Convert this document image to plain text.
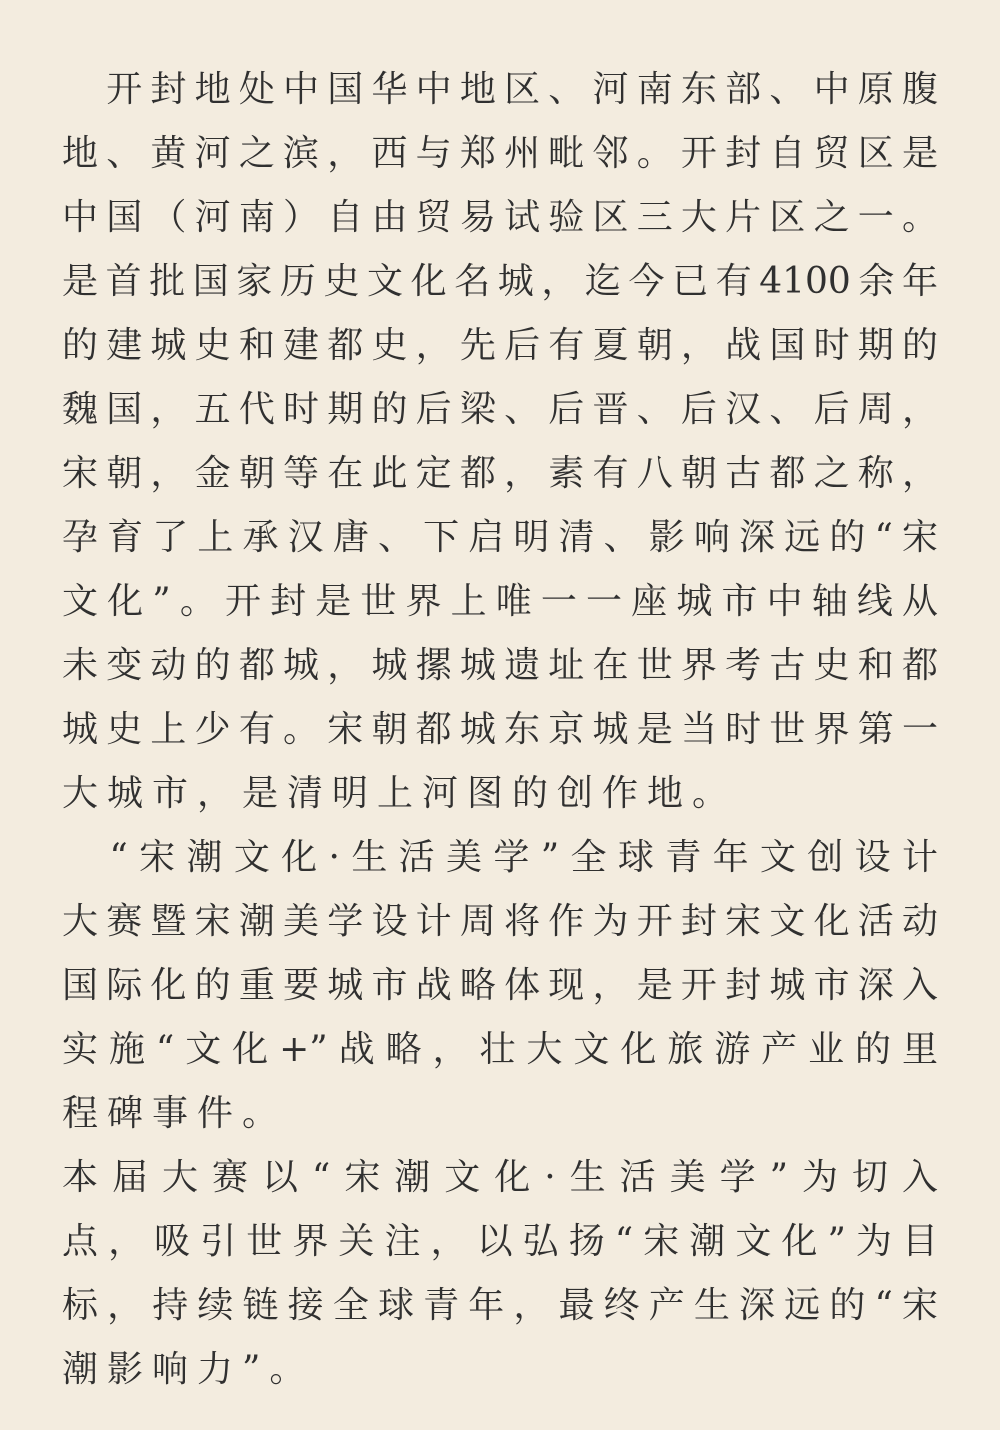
　开封地处中国华中地区、河南东部、中原腹
地、黄河之滨，西与郑州毗邻。开封自贸区是
中国（河南）自由贸易试验区三大片区之一。
是首批国家历史文化名城，迄今已有4100余年
的建城史和建都史，先后有夏朝，战国时期的
魏国，五代时期的后梁、后晋、后汉、后周，
宋朝，金朝等在此定都，素有八朝古都之称，
孕育了上承汉唐、下启明清、影响深远的“宋
文化”。开封是世界上唯一一座城市中轴线从
未变动的都城，城摞城遗址在世界考古史和都
城史上少有。宋朝都城东京城是当时世界第一
大城市，是清明上河图的创作地。
　“宋潮文化·生活美学”全球青年文创设计
大赛暨宋潮美学设计周将作为开封宋文化活动
国际化的重要城市战略体现，是开封城市深入
实施“文化+”战略，壮大文化旅游产业的里
程碑事件。
本届大赛以“宋潮文化·生活美学”为切入
点，吸引世界关注，以弘扬“宋潮文化”为目
标，持续链接全球青年，最终产生深远的“宋
潮影响力”。
